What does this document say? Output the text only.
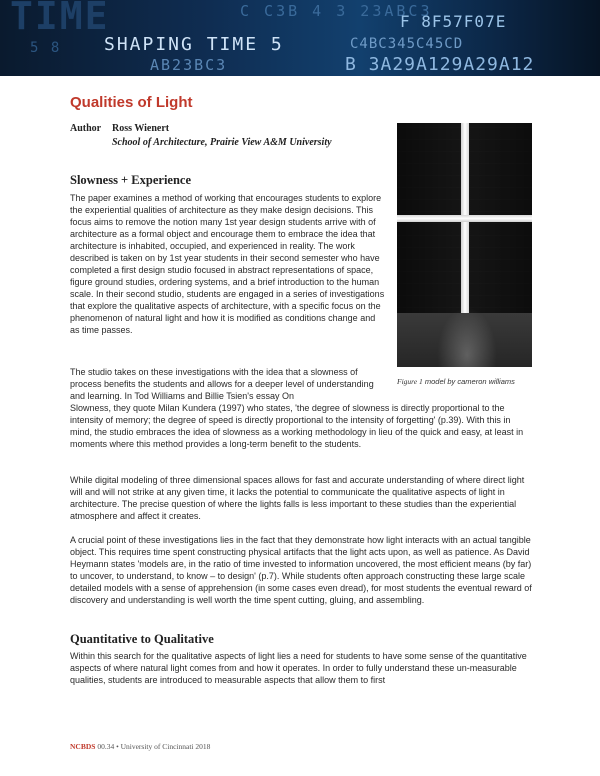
TIME	C C3B 4 3 23ABC3
F 8F57F07E
AB23BC3	B 3A29A129A29A12
C4BC345C45CD
5 8 SHAPING TIME 5
Qualities of Light
Author Ross Wienert
School of Architecture, Prairie View A&M University
Slowness + Experience

The paper examines a method of working that encourages students to explore the experiential qualities of architecture as they make design decisions. This focus aims to remove the notion many 1st year design students arrive with of architecture as a formal object and encourage them to embrace the idea that architecture is inhabited, occupied, and experienced in reality. The work described is taken on by 1st year students in their second semester who have completed a first design studio focused in abstract representations of space, figure ground studies, ordering systems, and a brief introduction to the human scale. In their second studio, students are engaged in a series of investigations that explore the qualitative aspects of architecture, with a specific focus on the phenomenon of natural light and how it is modified as conditions change and as time passes.

The studio takes on these investigations with the idea that a slowness of process benefits the students and allows for a deeper level of understanding and learning. In Tod Williams and Billie Tsien's essay On

Slowness, they quote Milan Kundera (1997) who states, 'the degree of slowness is directly proportional to the intensity of memory; the degree of speed is directly proportional to the intensity of forgetting' (p.39). With this in mind, the studio embraces the idea of slowness as a working methodology in lieu of the quick and easy, at least in moments where this method provides a long-term benefit to the students.

While digital modeling of three dimensional spaces allows for fast and accurate understanding of where direct light will and will not strike at any given time, it lacks the potential to communicate the qualitative aspects of light in architecture. The precise question of where the lights falls is less important to these studies than the experiential atmosphere and affect it creates.

A crucial point of these investigations lies in the fact that they demonstrate how light interacts with an actual tangible object. This requires time spent constructing physical artifacts that the light acts upon, as well as patience. As David Heymann states 'models are, in the ratio of time invested to information uncovered, the most efficient means (by far) to uncover, to understand, to know – to design' (p.7). While students often approach constructing these large scale detailed models with a sense of apprehension (in some cases even dread), for most students the eventual reward of discovery and understanding is well worth the time spent cutting, gluing, and assembling.

Quantitative to Qualitative

Within this search for the qualitative aspects of light lies a need for students to have some sense of the quantitative aspects of where natural light comes from and how it operates. In order to fully understand these un-measurable qualities, students are introduced to measurable aspects that allow them to first

Figure 1 model by cameron williams
NCBDS 00.34 • University of Cincinnati 2018
